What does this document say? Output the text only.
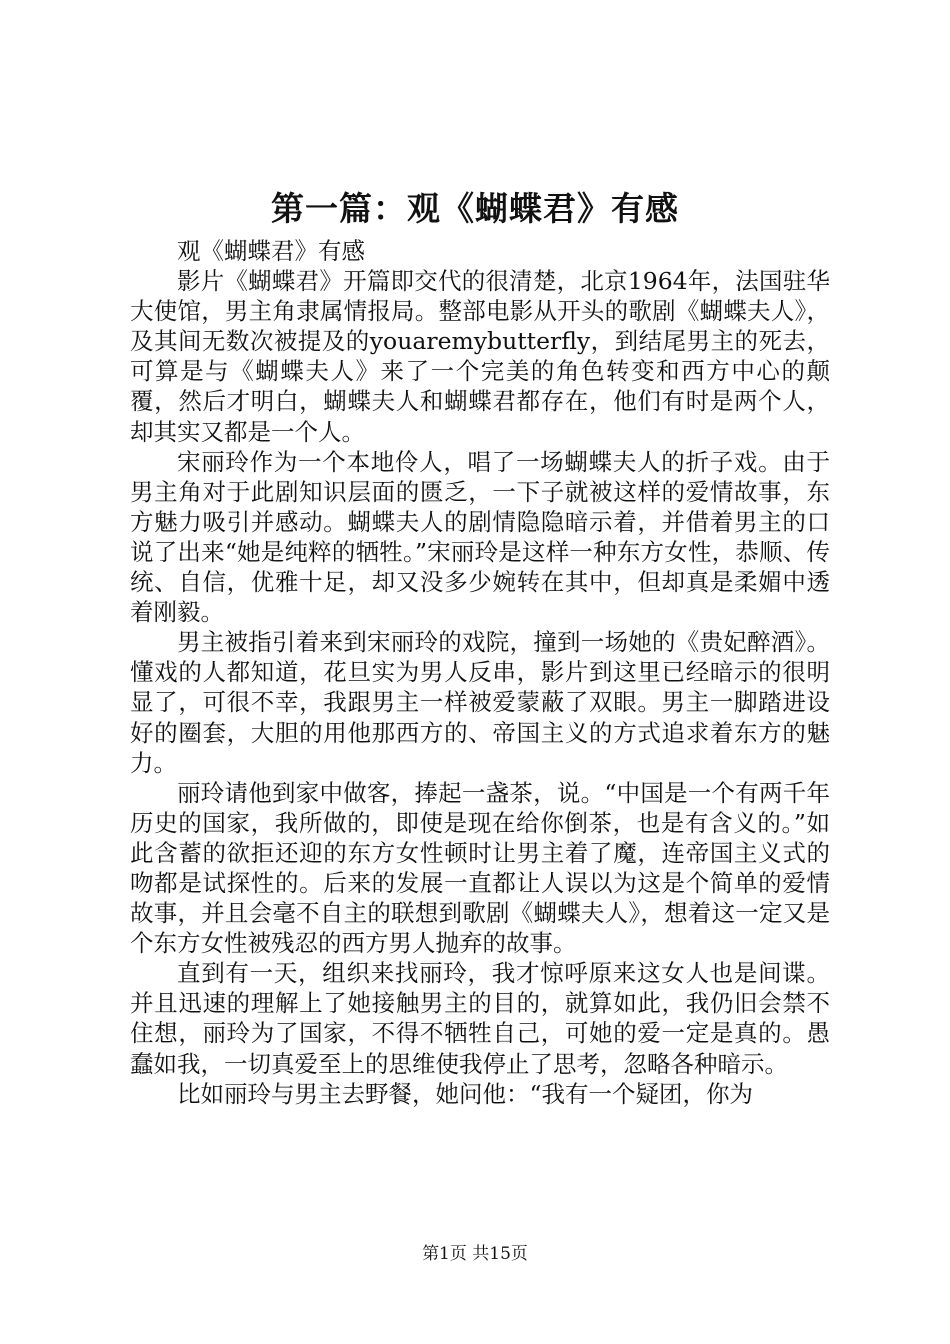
第一篇：观《蝴蝶君》有感

观《蝴蝶君》有感

影片《蝴蝶君》开篇即交代的很清楚，北京1964年，法国驻华大使馆，男主角隶属情报局。整部电影从开头的歌剧《蝴蝶夫人》，及其间无数次被提及的youaremybutterfly，到结尾男主的死去，可算是与《蝴蝶夫人》来了一个完美的角色转变和西方中心的颠覆，然后才明白，蝴蝶夫人和蝴蝶君都存在，他们有时是两个人，却其实又都是一个人。

宋丽玲作为一个本地伶人，唱了一场蝴蝶夫人的折子戏。由于男主角对于此剧知识层面的匮乏，一下子就被这样的爱情故事，东方魅力吸引并感动。蝴蝶夫人的剧情隐隐暗示着，并借着男主的口说了出来“她是纯粹的牺牲。”宋丽玲是这样一种东方女性，恭顺、传统、自信，优雅十足，却又没多少婉转在其中，但却真是柔媚中透着刚毅。

男主被指引着来到宋丽玲的戏院，撞到一场她的《贵妃醉酒》。懂戏的人都知道，花旦实为男人反串，影片到这里已经暗示的很明显了，可很不幸，我跟男主一样被爱蒙蔽了双眼。男主一脚踏进设好的圈套，大胆的用他那西方的、帝国主义的方式追求着东方的魅力。

丽玲请他到家中做客，捧起一盏茶，说。“中国是一个有两千年历史的国家，我所做的，即使是现在给你倒茶，也是有含义的。”如此含蓄的欲拒还迎的东方女性顿时让男主着了魔，连帝国主义式的吻都是试探性的。后来的发展一直都让人误以为这是个简单的爱情故事，并且会毫不自主的联想到歌剧《蝴蝶夫人》，想着这一定又是个东方女性被残忍的西方男人抛弃的故事。

直到有一天，组织来找丽玲，我才惊呼原来这女人也是间谍。并且迅速的理解上了她接触男主的目的，就算如此，我仍旧会禁不住想，丽玲为了国家，不得不牺牲自己，可她的爱一定是真的。愚蠢如我，一切真爱至上的思维使我停止了思考，忽略各种暗示。

比如丽玲与男主去野餐，她问他：“我有一个疑团，你为

第1页 共15页
